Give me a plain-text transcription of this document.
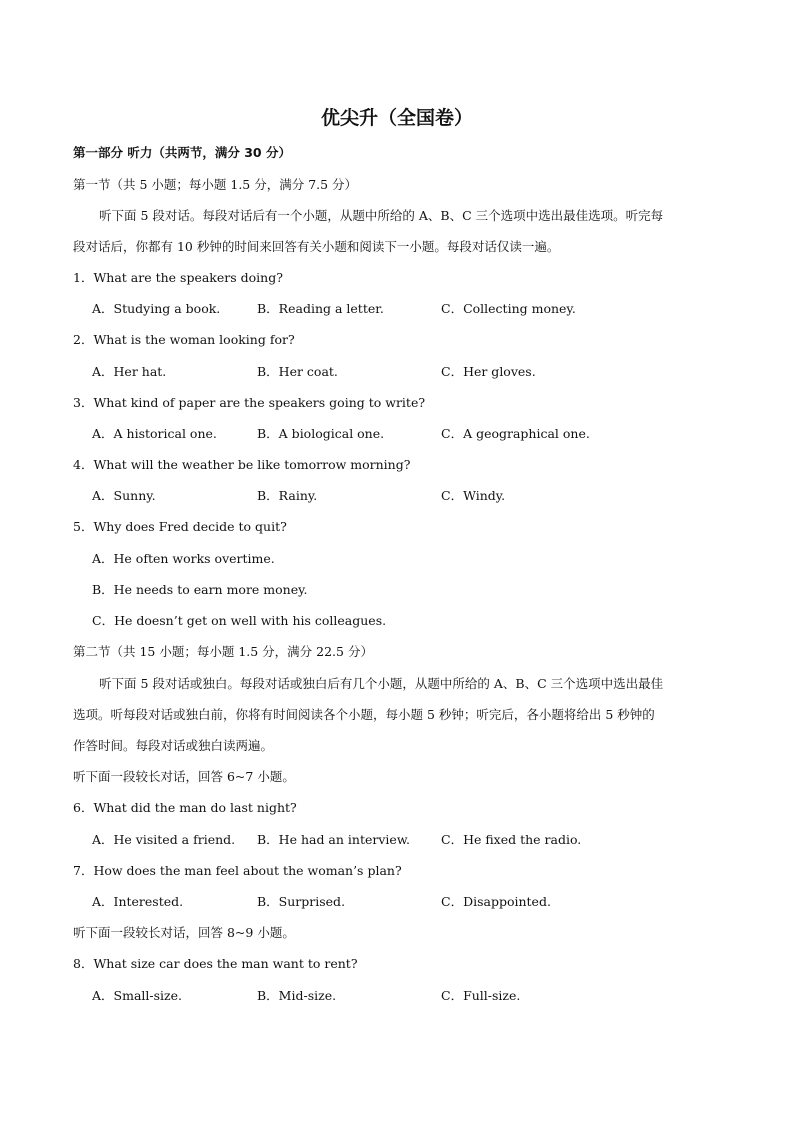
优尖升（全国卷）
第一部分 听力（共两节，满分 30 分）
第一节（共 5 小题；每小题 1.5 分，满分 7.5 分）
听下面 5 段对话。每段对话后有一个小题，从题中所给的 A、B、C 三个选项中选出最佳选项。听完每
段对话后，你都有 10 秒钟的时间来回答有关小题和阅读下一小题。每段对话仅读一遍。
1．What are the speakers doing?
A．Studying a book.	B．Reading a letter.	C．Collecting money.
2．What is the woman looking for?
A．Her hat.	B．Her coat.	C．Her gloves.
3．What kind of paper are the speakers going to write?
A．A historical one.	B．A biological one.	C．A geographical one.
4．What will the weather be like tomorrow morning?
A．Sunny.	B．Rainy.	C．Windy.
5．Why does Fred decide to quit?
A．He often works overtime.
B．He needs to earn more money.
C．He doesn’t get on well with his colleagues.
第二节（共 15 小题；每小题 1.5 分，满分 22.5 分）
听下面 5 段对话或独白。每段对话或独白后有几个小题，从题中所给的 A、B、C 三个选项中选出最佳
选项。听每段对话或独白前，你将有时间阅读各个小题，每小题 5 秒钟；听完后，各小题将给出 5 秒钟的
作答时间。每段对话或独白读两遍。
听下面一段较长对话，回答 6~7 小题。
6．What did the man do last night?
A．He visited a friend. B．He had an interview. C．He fixed the radio.
7．How does the man feel about the woman’s plan?
A．Interested.	B．Surprised.	C．Disappointed.
听下面一段较长对话，回答 8~9 小题。
8．What size car does the man want to rent?
A．Small-size.	B．Mid-size.	C．Full-size.
